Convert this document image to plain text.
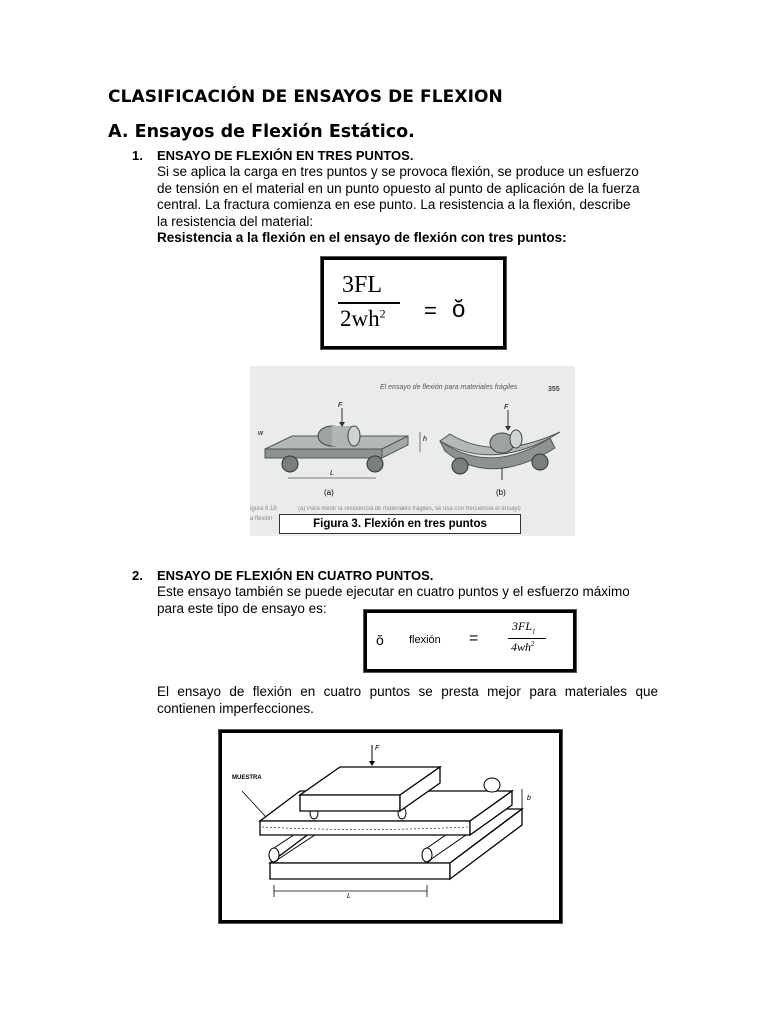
CLASIFICACIÓN DE ENSAYOS DE FLEXION
A. Ensayos de Flexión Estático.
1. ENSAYO DE FLEXIÓN EN TRES PUNTOS.
Si se aplica la carga en tres puntos y se provoca flexión, se produce un esfuerzo
de tensión en el material en un punto opuesto al punto de aplicación de la fuerza
central. La fractura comienza en ese punto. La resistencia a la flexión, describe
la resistencia del material:
Resistencia a la flexión en el ensayo de flexión con tres puntos:
3FL
$2wh^2$ = ŏ
El ensayo de flexión para materiales frágiles	355
F	F
w
h
L
(a)	(b)
igura 6.18
a flexión
(a) Para medir la resistencia de materiales frágiles, se usa con frecuencia el ensayo
Figura 3. Flexión en tres puntos
2. ENSAYO DE FLEXIÓN EN CUATRO PUNTOS.
Este ensayo también se puede ejecutar en cuatro puntos y el esfuerzo máximo
para este tipo de ensayo es:
ŏ flexión =
$3FL_1$
$4wh^2$
El ensayo de flexión en cuatro puntos se presta mejor para materiales que
contienen imperfecciones.
MUESTRA
F
L
b
